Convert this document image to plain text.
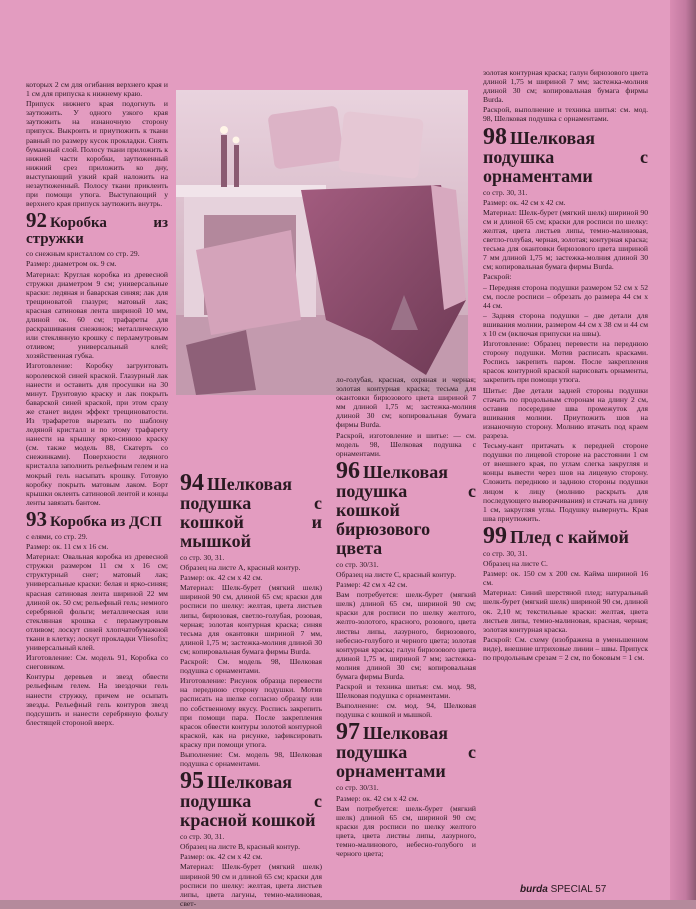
которых 2 см для огибания верхнего края и 1 см для припуска к нижнему краю.

Припуск нижнего края подогнуть и заутюжить. У одного узкого края заутюжить на изнаночную сторону припуск. Выкроить и приутюжить к ткани равный по размеру кусок прокладки. Снять бумажный слой. Полосу ткани приложить к нижней части коробки, заутюженный нижний срез приложить ко дну, выступающий узкий край наложить на незаутюженный. Полосу ткани приклеить при помощи утюга. Выступающий у верхнего края припуск заутюжить внутрь.

92 Коробка из стружки

со снежным кристаллом со стр. 29.

Размер: диаметром ок. 9 см.

Материал: Круглая коробка из древесной стружки диаметром 9 см; универсальные краски: ледяная и баварская синяя; лак для трещиноватой глазури; матовый лак; красная сатиновая лента шириной 10 мм, длиной ок. 60 см; трафареты для раскрашивания снежинок; металлическую или стеклянную крошку с перламутровым отливом; универсальный клей; хозяйственная губка.

Изготовление: Коробку загрунтовать королевской синей краской. Глазурный лак нанести и оставить для просушки на 30 минут. Грунтовую краску и лак покрыть баварской синей краской, при этом сразу же станет виден эффект трещиноватости. Из трафаретов вырезать по шаблону ледяной кристалл и по этому трафарету нанести на крышку ярко-синюю краску (см. также модель 88, Скатерть со снежинками). Поверхности ледяного кристалла заполнить рельефным гелем и на мокрый гель насыпать крошку. Готовую коробку покрыть матовым лаком. Борт крышки оклеить сатиновой лентой и концы ленты завязать бантом.

93 Коробка из ДСП

с елями, со стр. 29.

Размер: ок. 11 см х 16 см.

Материал: Овальная коробка из древесной стружки размером 11 см х 16 см; структурный снег; матовый лак; универсальные краски: белая и ярко-синяя; красная сатиновая лента шириной 22 мм длиной ок. 50 см; рельефный гель; немного серебряной фольги; металлическая или стеклянная крошка с перламутровым отливом; лоскут синей хлопчатобумажной ткани в клетку; лоскут прокладки Vliesofix; универсальный клей.

Изготовление: См. модель 91, Коробка со снеговиком.

Контуры деревьев и звезд обвести рельефным гелем. На звездочки гель нанести стружку, причем не осыпать звезды. Рельефный гель контуров звезд подсушить и нанести серебряную фольгу блестящей стороной вверх.

94 Шелковая подушка с кошкой и мышкой

со стр. 30, 31.

Образец на листе А, красный контур.

Размер: ок. 42 см х 42 см.

Материал: Шелк-бурет (мягкий шелк) шириной 90 см, длиной 65 см; краски для росписи по шелку: желтая, цвета листьев липы, бирюзовая, светло-голубая, розовая, черная; золотая контурная краска; синяя тесьма для окантовки шириной 7 мм, длиной 1,75 м; застежка-молния длиной 30 см; копировальная бумага фирмы Burda.

Раскрой: См. модель 98, Шелковая подушка с орнаментами.

Изготовление: Рисунок образца перевести на переднюю сторону подушки. Мотив расписать на шелке согласно образцу или по собственному вкусу. Роспись закрепить при помощи пара. После закрепления красок обвести контуры золотой контурной краской, как на рисунке, зафиксировать краску при помощи утюга.

Выполнение: См. модель 98, Шелковая подушка с орнаментами.

95 Шелковая подушка с красной кошкой

со стр. 30, 31.

Образец на листе В, красный контур.

Размер: ок. 42 см х 42 см.

Материал: Шелк-бурет (мягкий шелк) шириной 90 см и длиной 65 см; краски для росписи по шелку: желтая, цвета листьев липы, цвета лагуны, темно-малиновая, свет-

ло-голубая, красная, охряная и черная; золотая контурная краска; тесьма для окантовки бирюзового цвета шириной 7 мм длиной 1,75 м; застежка-молния длиной 30 см; копировальная бумага фирмы Burda.

Раскрой, изготовление и шитье: — см. модель 98, Шелковая подушка с орнаментами.

96 Шелковая подушка с кошкой бирюзового цвета

со стр. 30/31.

Образец на листе С, красный контур.

Размер: 42 см х 42 см.

Вам потребуется: шелк-бурет (мягкий шелк) длиной 65 см, шириной 90 см; краски для росписи по шелку желтого, желто-золотого, красного, розового, цвета листвы липы, лазурного, бирюзового, небесно-голубого и черного цвета; золотая контурная краска; галун бирюзового цвета длиной 1,75 м, шириной 7 мм; застежка-молния длиной 30 см; копировальная бумага фирмы Burda.

Раскрой и техника шитья: см. мод. 98, Шелковая подушка с орнаментами.

Выполнение: см. мод. 94, Шелковая подушка с кошкой и мышкой.

97 Шелковая подушка с орнаментами

со стр. 30/31.

Размер: ок. 42 см х 42 см.

Вам потребуется: шелк-бурет (мягкий шелк) длиной 65 см, шириной 90 см; краски для росписи по шелку желтого цвета, цвета листвы липы, лазурного, темно-малинового, небесно-голубого и черного цвета;

золотая контурная краска; галун бирюзового цвета длиной 1,75 м шириной 7 мм; застежка-молния длиной 30 см; копировальная бумага фирмы Burda.

Раскрой, выполнение и техника шитья: см. мод. 98, Шелковая подушка с орнаментами.

98 Шелковая подушка с орнаментами

со стр. 30, 31.

Размер: ок. 42 см х 42 см.

Материал: Шелк-бурет (мягкий шелк) шириной 90 см и длиной 65 см; краски для росписи по шелку: желтая, цвета листьев липы, темно-малиновая, светло-голубая, черная, золотая; контурная краска; тесьма для окантовки бирюзового цвета шириной 7 мм длиной 1,75 м; застежка-молния длиной 30 см; копировальная бумага фирмы Burda.

Раскрой:

– Передняя сторона подушки размером 52 см х 52 см, после росписи – обрезать до размера 44 см х 44 см.

– Задняя сторона подушки – две детали для вшивания молнии, размером 44 см х 38 см и 44 см х 10 см (включая припуски на швы).

Изготовление: Образец перевести на переднюю сторону подушки. Мотив расписать красками. Роспись закрепить паром. После закрепления красок контурной краской нарисовать орнаменты, закрепить при помощи утюга.

Шитье: Две детали задней стороны подушки стачать по продольным сторонам на длину 2 см, оставив посередине шва промежуток для вшивания молнии. Приутюжить шов на изнаночную сторону. Молнию втачать под краем разреза.

Тесьму-кант притачать к передней стороне подушки по лицевой стороне на расстоянии 1 см от внешнего края, по углам слегка закругляя и концы вывести через шов на лицевую сторону. Сложить переднюю и заднюю стороны подушки лицом к лицу (молнию раскрыть для последующего выворачивания) и стачать на длину 1 см, закругляя углы. Подушку вывернуть. Края шва приутюжить.

99 Плед с каймой

со стр. 30, 31.

Образец на листе С.

Размер: ок. 150 см х 200 см. Кайма шириной 16 см.

Материал: Синий шерстяной плед; натуральный шелк-бурет (мягкий шелк) шириной 90 см, длиной ок. 2,10 м; текстильные краски: желтая, цвета листьев липы, темно-малиновая, красная, черная; золотая контурная краска.

Раскрой: См. схему (изображена в уменьшенном виде), внешние штриховые линии – швы. Припуск по продольным срезам = 2 см, по боковым = 1 см.

burda SPECIAL 57
